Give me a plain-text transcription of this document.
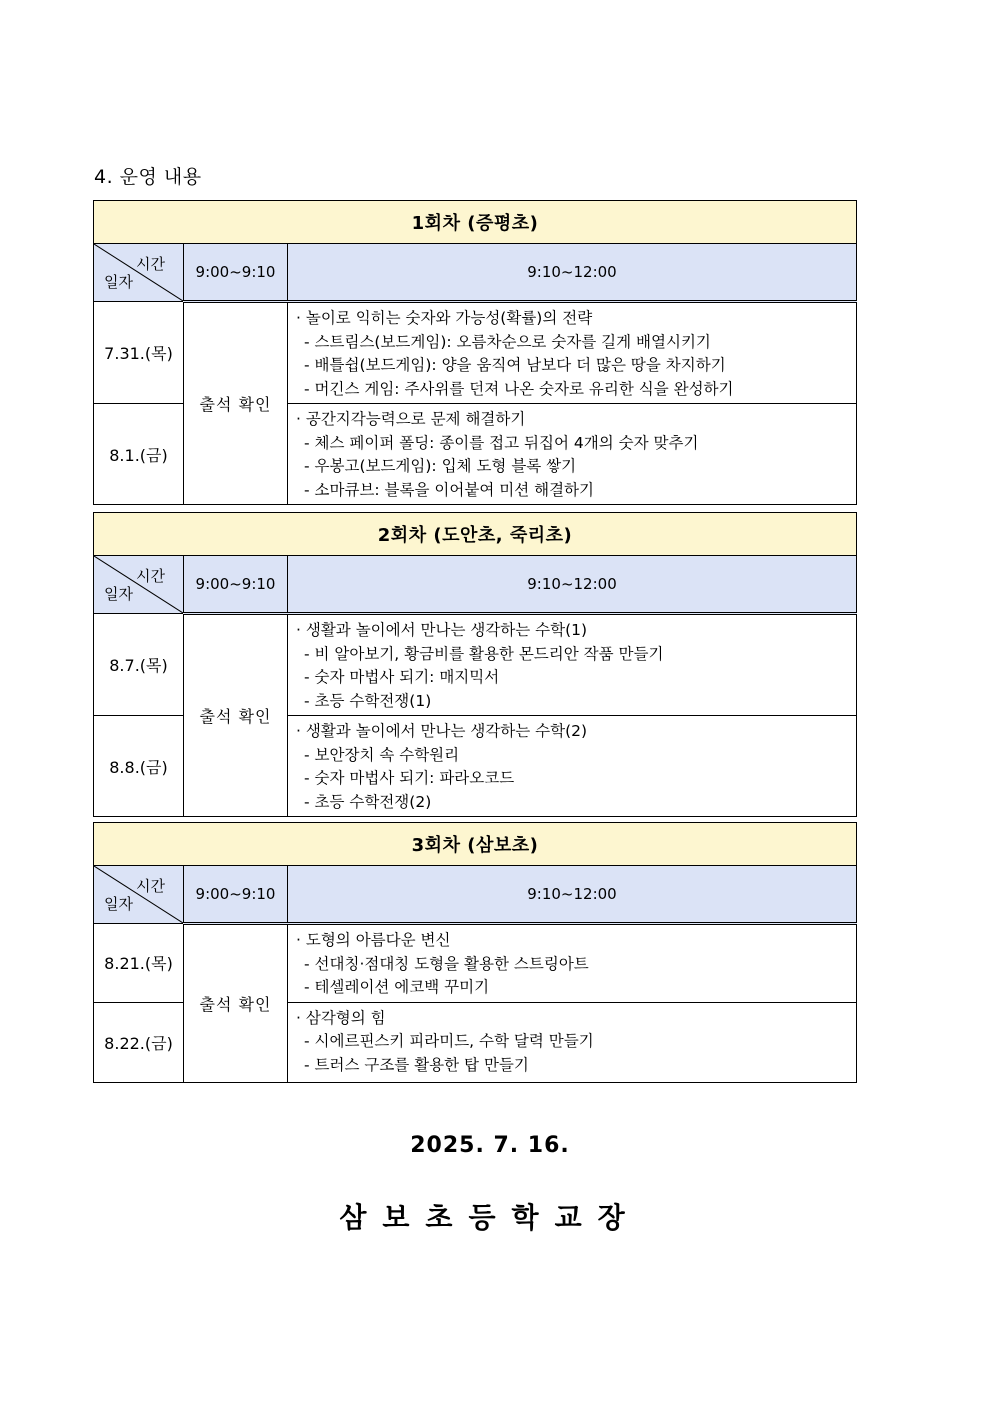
4. 운영 내용
1회차 (증평초)		

시간
일자	9:00~9:10	9:10~12:00
7.31.(목)	출석 확인	· 놀이로 익히는 숫자와 가능성(확률)의 전략
- 스트림스(보드게임): 오름차순으로 숫자를 길게 배열시키기
- 배틀쉽(보드게임): 양을 움직여 남보다 더 많은 땅을 차지하기
- 머긴스 게임: 주사위를 던져 나온 숫자로 유리한 식을 완성하기

8.1.(금)		· 공간지각능력으로 문제 해결하기
- 체스 페이퍼 폴딩: 종이를 접고 뒤집어 4개의 숫자 맞추기
- 우봉고(보드게임): 입체 도형 블록 쌓기
- 소마큐브: 블록을 이어붙여 미션 해결하기
2회차 (도안초, 죽리초)		

시간
일자	9:00~9:10	9:10~12:00
8.7.(목)	출석 확인	· 생활과 놀이에서 만나는 생각하는 수학(1)
- 비 알아보기, 황금비를 활용한 몬드리안 작품 만들기
- 숫자 마법사 되기: 매지믹서
- 초등 수학전쟁(1)

8.8.(금)		· 생활과 놀이에서 만나는 생각하는 수학(2)
- 보안장치 속 수학원리
- 숫자 마법사 되기: 파라오코드
- 초등 수학전쟁(2)
3회차 (삼보초)		

시간
일자	9:00~9:10	9:10~12:00
8.21.(목)	출석 확인	· 도형의 아름다운 변신
- 선대칭·점대칭 도형을 활용한 스트링아트
- 테셀레이션 에코백 꾸미기

8.22.(금)		· 삼각형의 힘
- 시에르핀스키 피라미드, 수학 달력 만들기
- 트러스 구조를 활용한 탑 만들기
2025. 7. 16.
삼보초등학교장
